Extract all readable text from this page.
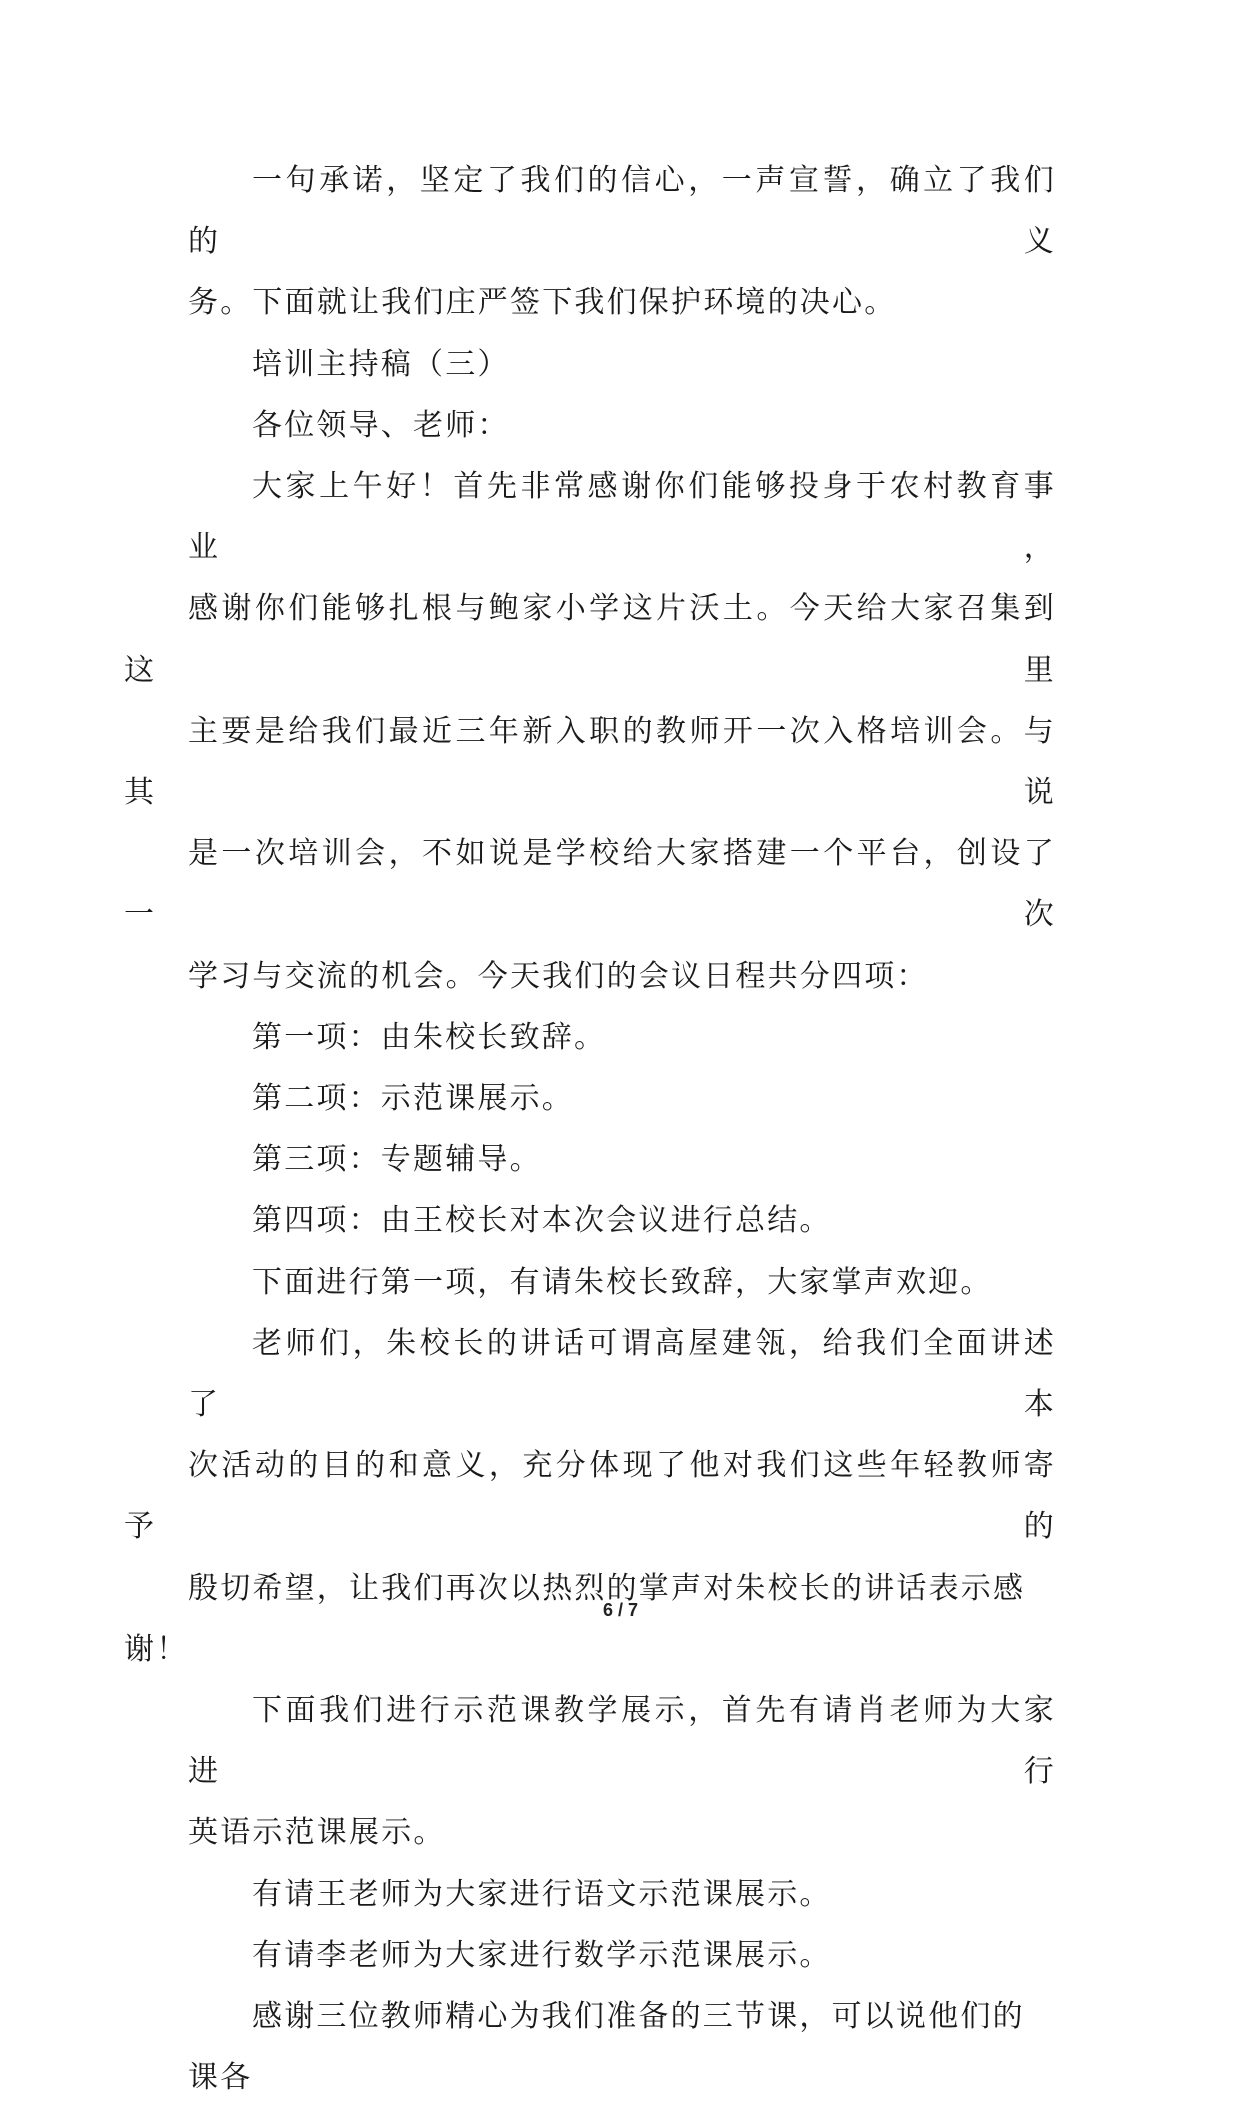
一句承诺，坚定了我们的信心，一声宣誓，确立了我们的义
务。下面就让我们庄严签下我们保护环境的决心。

培训主持稿（三）

各位领导、老师：

大家上午好！首先非常感谢你们能够投身于农村教育事业，
感谢你们能够扎根与鲍家小学这片沃土。今天给大家召集到这里
主要是给我们最近三年新入职的教师开一次入格培训会。与其说
是一次培训会，不如说是学校给大家搭建一个平台，创设了一次
学习与交流的机会。今天我们的会议日程共分四项：

第一项：由朱校长致辞。

第二项：示范课展示。

第三项：专题辅导。

第四项：由王校长对本次会议进行总结。

下面进行第一项，有请朱校长致辞，大家掌声欢迎。

老师们，朱校长的讲话可谓高屋建瓴，给我们全面讲述了本
次活动的目的和意义，充分体现了他对我们这些年轻教师寄予的
殷切希望，让我们再次以热烈的掌声对朱校长的讲话表示感谢！

下面我们进行示范课教学展示，首先有请肖老师为大家进行
英语示范课展示。

有请王老师为大家进行语文示范课展示。

有请李老师为大家进行数学示范课展示。

感谢三位教师精心为我们准备的三节课，可以说他们的课各

6 / 7
